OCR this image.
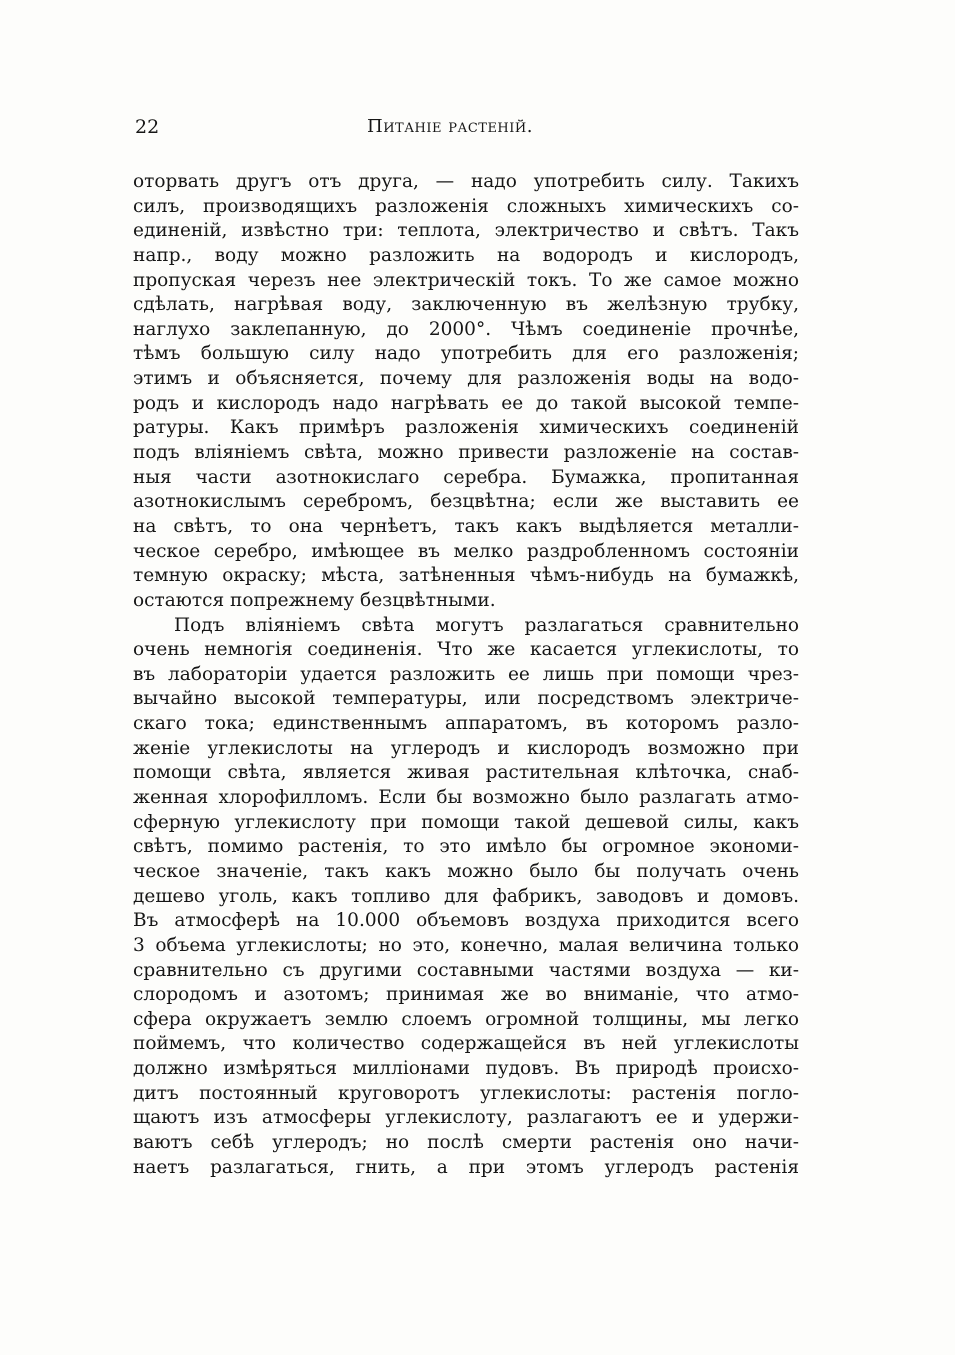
22	Питаніе растеній.
оторвать другъ отъ друга, — надо употребить силу. Такихъ
силъ, производящихъ разложенія сложныхъ химическихъ со-
единеній, извѣстно три: теплота, электричество и свѣтъ. Такъ
напр., воду можно разложить на водородъ и кислородъ,
пропуская черезъ нее электрическій токъ. То же самое можно
сдѣлать, нагрѣвая воду, заключенную въ желѣзную трубку,
наглухо заклепанную, до 2000°. Чѣмъ соединеніе прочнѣе,
тѣмъ большую силу надо употребить для его разложенія;
этимъ и объясняется, почему для разложенія воды на водо-
родъ и кислородъ надо нагрѣвать ее до такой высокой темпе-
ратуры. Какъ примѣръ разложенія химическихъ соединеній
подъ вліяніемъ свѣта, можно привести разложеніе на состав-
ныя части азотнокислаго серебра. Бумажка, пропитанная
азотнокислымъ серебромъ, безцвѣтна; если же выставить ее
на свѣтъ, то она чернѣетъ, такъ какъ выдѣляется металли-
ческое серебро, имѣющее въ мелко раздробленномъ состояніи
темную окраску; мѣста, затѣненныя чѣмъ-нибудь на бумажкѣ,
остаются попрежнему безцвѣтными.
Подъ вліяніемъ свѣта могутъ разлагаться сравнительно
очень немногія соединенія. Что же касается углекислоты, то
въ лабораторіи удается разложить ее лишь при помощи чрез-
вычайно высокой температуры, или посредствомъ электриче-
скаго тока; единственнымъ аппаратомъ, въ которомъ разло-
женіе углекислоты на углеродъ и кислородъ возможно при
помощи свѣта, является живая растительная клѣточка, снаб-
женная хлорофилломъ. Если бы возможно было разлагать атмо-
сферную углекислоту при помощи такой дешевой силы, какъ
свѣтъ, помимо растенія, то это имѣло бы огромное экономи-
ческое значеніе, такъ какъ можно было бы получать очень
дешево уголь, какъ топливо для фабрикъ, заводовъ и домовъ.
Въ атмосферѣ на 10.000 объемовъ воздуха приходится всего
3 объема углекислоты; но это, конечно, малая величина только
сравнительно съ другими составными частями воздуха — ки-
слородомъ и азотомъ; принимая же во вниманіе, что атмо-
сфера окружаетъ землю слоемъ огромной толщины, мы легко
поймемъ, что количество содержащейся въ ней углекислоты
должно измѣряться милліонами пудовъ. Въ природѣ происхо-
дитъ постоянный круговоротъ углекислоты: растенія погло-
щаютъ изъ атмосферы углекислоту, разлагаютъ ее и удержи-
ваютъ себѣ углеродъ; но послѣ смерти растенія оно начи-
наетъ разлагаться, гнить, а при этомъ углеродъ растенія
